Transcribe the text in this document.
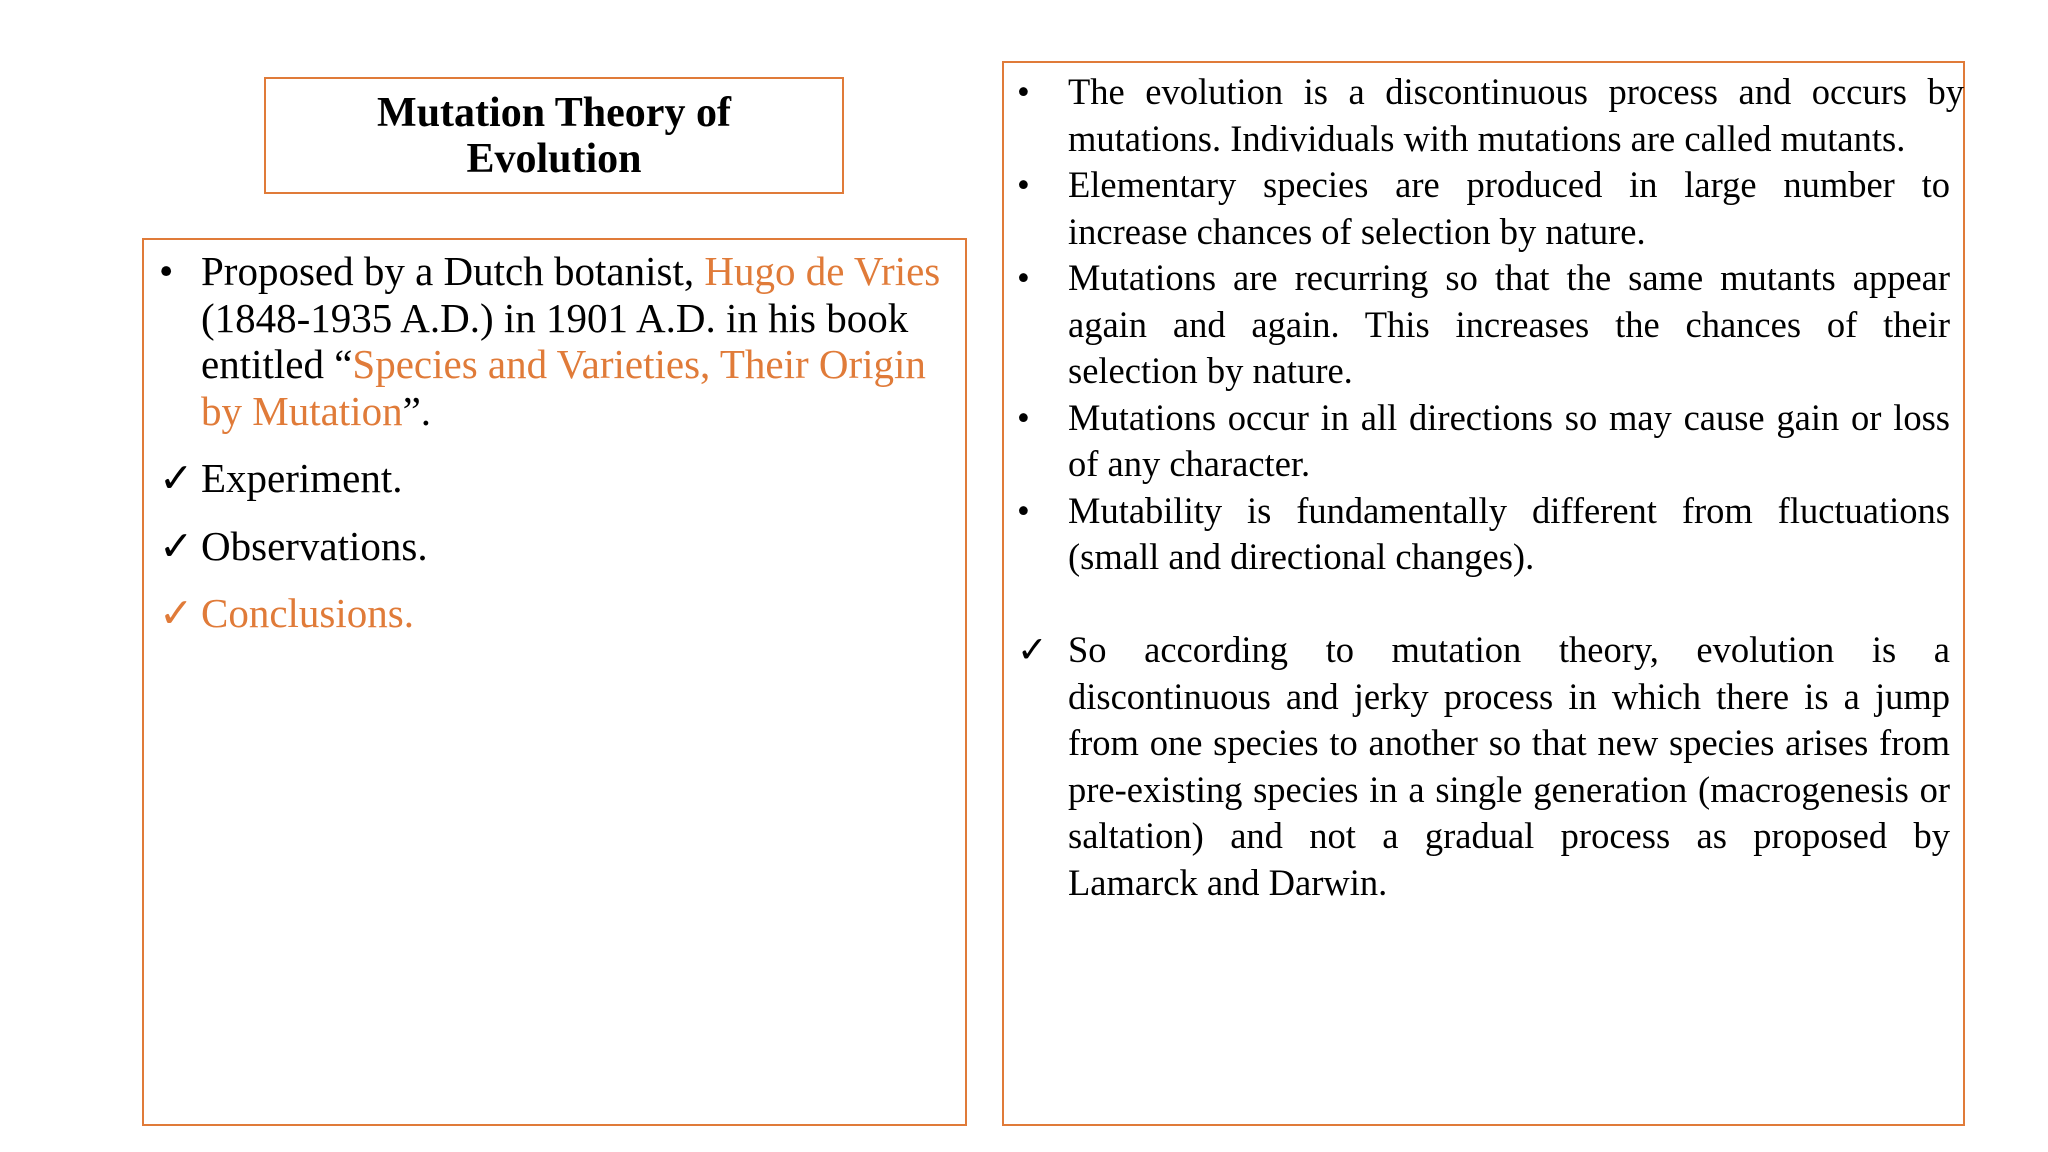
Mutation Theory of
Evolution
• Proposed by a Dutch botanist, Hugo de Vries (1848-1935 A.D.) in 1901 A.D. in his book entitled “Species and Varieties, Their Origin by Mutation”.
✓ Experiment.
✓ Observations.
✓ Conclusions.
•	The evolution is a discontinuous process and occurs by mutations. Individuals with mutations are called mutants.
•	Elementary species are produced in large number to increase chances of selection by nature.
•	Mutations are recurring so that the same mutants appear again and again. This increases the chances of their selection by nature.
•	Mutations occur in all directions so may cause gain or loss of any character.
•	Mutability is fundamentally different from fluctuations (small and directional changes).
✓ So according to mutation theory, evolution is a discontinuous and jerky process in which there is a jump from one species to another so that new species arises from pre-existing species in a single generation (macrogenesis or saltation) and not a gradual process as proposed by Lamarck and Darwin.
